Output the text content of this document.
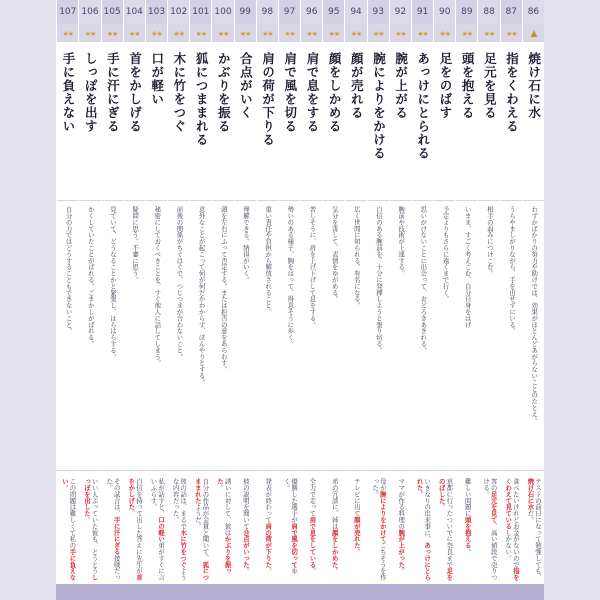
86
▲
焼け石に水
わずかばかりの努力や助けでは、効果がほとんどあがらないことのたとえ。
テストの前日になって勉強しても、焼け石に水だ。
87
★★
指をくわえる
うらやましがりながら、手を出せずにいる。
食べたいけれどお金がないので指をくわえて見ているしかない。
88
★★
足元を見る
相手の弱みにつけこむ。
客の足元を見て、高い値段で売りつける。
89
★★
頭を抱える
いまま、すごく考えこむ、自分自身をはげ
難しい問題に頭を抱える。
90
★★
足をのばす
予定よりもさらに遠くまで行く。
京都に行ったついでに奈良まで足をのばした。
91
★★
あっけにとられる
思いがけないことに出会って、おどろきあきれる。
いきなりの出来事に、あっけにとられた。
92
★★
腕が上がる
腕前や技術が上達する。
ママが作る料理の腕が上がった。
93
★★
腕によりをかける
自信のある腕前を、十分に発揮しようと張り切る。
母が腕によりをかけてごちそうを作った。
94
★★
顔が売れる
広く世間に知られる。有名になる。
テレビに出て顔が売れた。
95
★★
顔をしかめる
気分を害して、表情をゆがめる。
弟の冗談に、姉は顔をしかめた。
96
★★
肩で息をする
苦しそうに、肩を上げ下げして息をする。
全力で走って肩で息をしている。
97
★★
肩で風を切る
勢いのある様子。胸をはって、得意そうに歩く。
優勝した選手が肩で風を切って歩く。
98
★★
肩の荷が下りる
重い責任や負担から解放されること。
発表が終わって肩の荷が下りた。
99
★★
合点がいく
理解できる。納得がいく。
彼の説明を聞いて合点がいった。
100
★★
かぶりを振る
頭を左右にふって否定する。または拒否の意をあらわす。
誘いに対して、彼はかぶりを振った。
101
★★
狐につままれる
意外なことが起こって何が何だかわからず、ぼんやりとする。
自分の作品が金賞と聞いて、狐につままれたようだ。
102
★★
木に竹をつぐ
前後の関係がちぐはぐで、つじつまが合わないこと。
彼の話は、まるで木に竹をつぐような内容だった。
103
★★
口が軽い
秘密にしておくべきことを、すぐ他人に話してしまう。
私が話すと、口の軽い弟がすぐに言いふらす。
104
★★
首をかしげる
疑問に思う。不審に思う。
自信を持って出した答えに先生が首をかしげた。
105
★★
手に汗にぎる
見ていて、どうなることかと緊張し、はらはらする。
その試合は、手に汗にぎる接戦だった。
106
★★
しっぽを出す
かくしていたことがばれる。ごまかしがばれる。
いい人ぶっていた彼も、とうとうしっぽを出した。
107
★★
手に負えない
自分の力ではどうすることもできないこと。
この問題は難しくて私の手に負えない。
